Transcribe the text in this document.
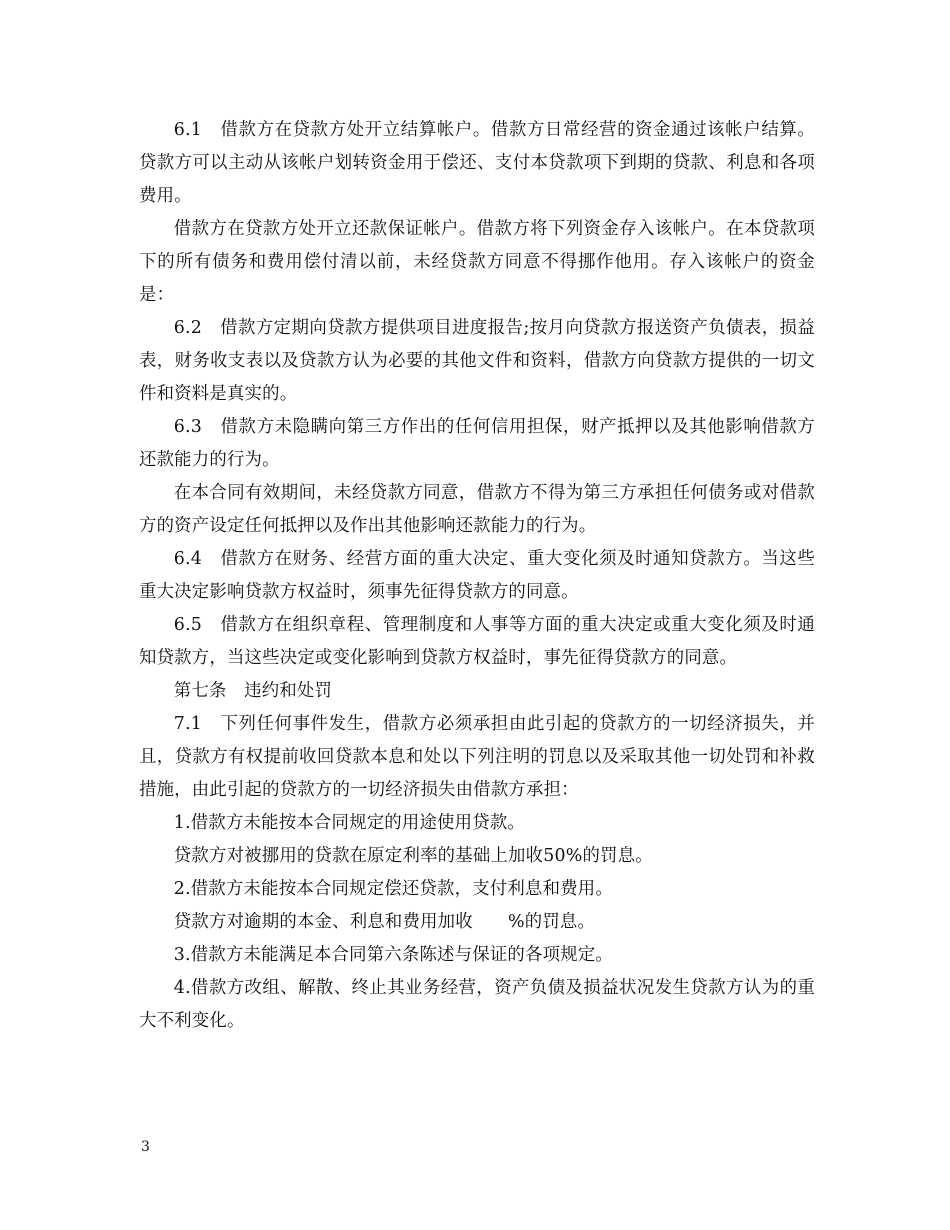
6.1　借款方在贷款方处开立结算帐户。借款方日常经营的资金通过该帐户结算。贷款方可以主动从该帐户划转资金用于偿还、支付本贷款项下到期的贷款、利息和各项费用。

借款方在贷款方处开立还款保证帐户。借款方将下列资金存入该帐户。在本贷款项下的所有债务和费用偿付清以前，未经贷款方同意不得挪作他用。存入该帐户的资金是：

6.2　借款方定期向贷款方提供项目进度报告;按月向贷款方报送资产负债表，损益表，财务收支表以及贷款方认为必要的其他文件和资料，借款方向贷款方提供的一切文件和资料是真实的。

6.3　借款方未隐瞒向第三方作出的任何信用担保，财产抵押以及其他影响借款方还款能力的行为。

在本合同有效期间，未经贷款方同意，借款方不得为第三方承担任何债务或对借款方的资产设定任何抵押以及作出其他影响还款能力的行为。

6.4　借款方在财务、经营方面的重大决定、重大变化须及时通知贷款方。当这些重大决定影响贷款方权益时，须事先征得贷款方的同意。

6.5　借款方在组织章程、管理制度和人事等方面的重大决定或重大变化须及时通知贷款方，当这些决定或变化影响到贷款方权益时，事先征得贷款方的同意。

第七条　违约和处罚

7.1　下列任何事件发生，借款方必须承担由此引起的贷款方的一切经济损失，并且，贷款方有权提前收回贷款本息和处以下列注明的罚息以及采取其他一切处罚和补救措施，由此引起的贷款方的一切经济损失由借款方承担：

1.借款方未能按本合同规定的用途使用贷款。

贷款方对被挪用的贷款在原定利率的基础上加收50%的罚息。

2.借款方未能按本合同规定偿还贷款，支付利息和费用。

贷款方对逾期的本金、利息和费用加收　　%的罚息。

3.借款方未能满足本合同第六条陈述与保证的各项规定。

4.借款方改组、解散、终止其业务经营，资产负债及损益状况发生贷款方认为的重大不利变化。

3
